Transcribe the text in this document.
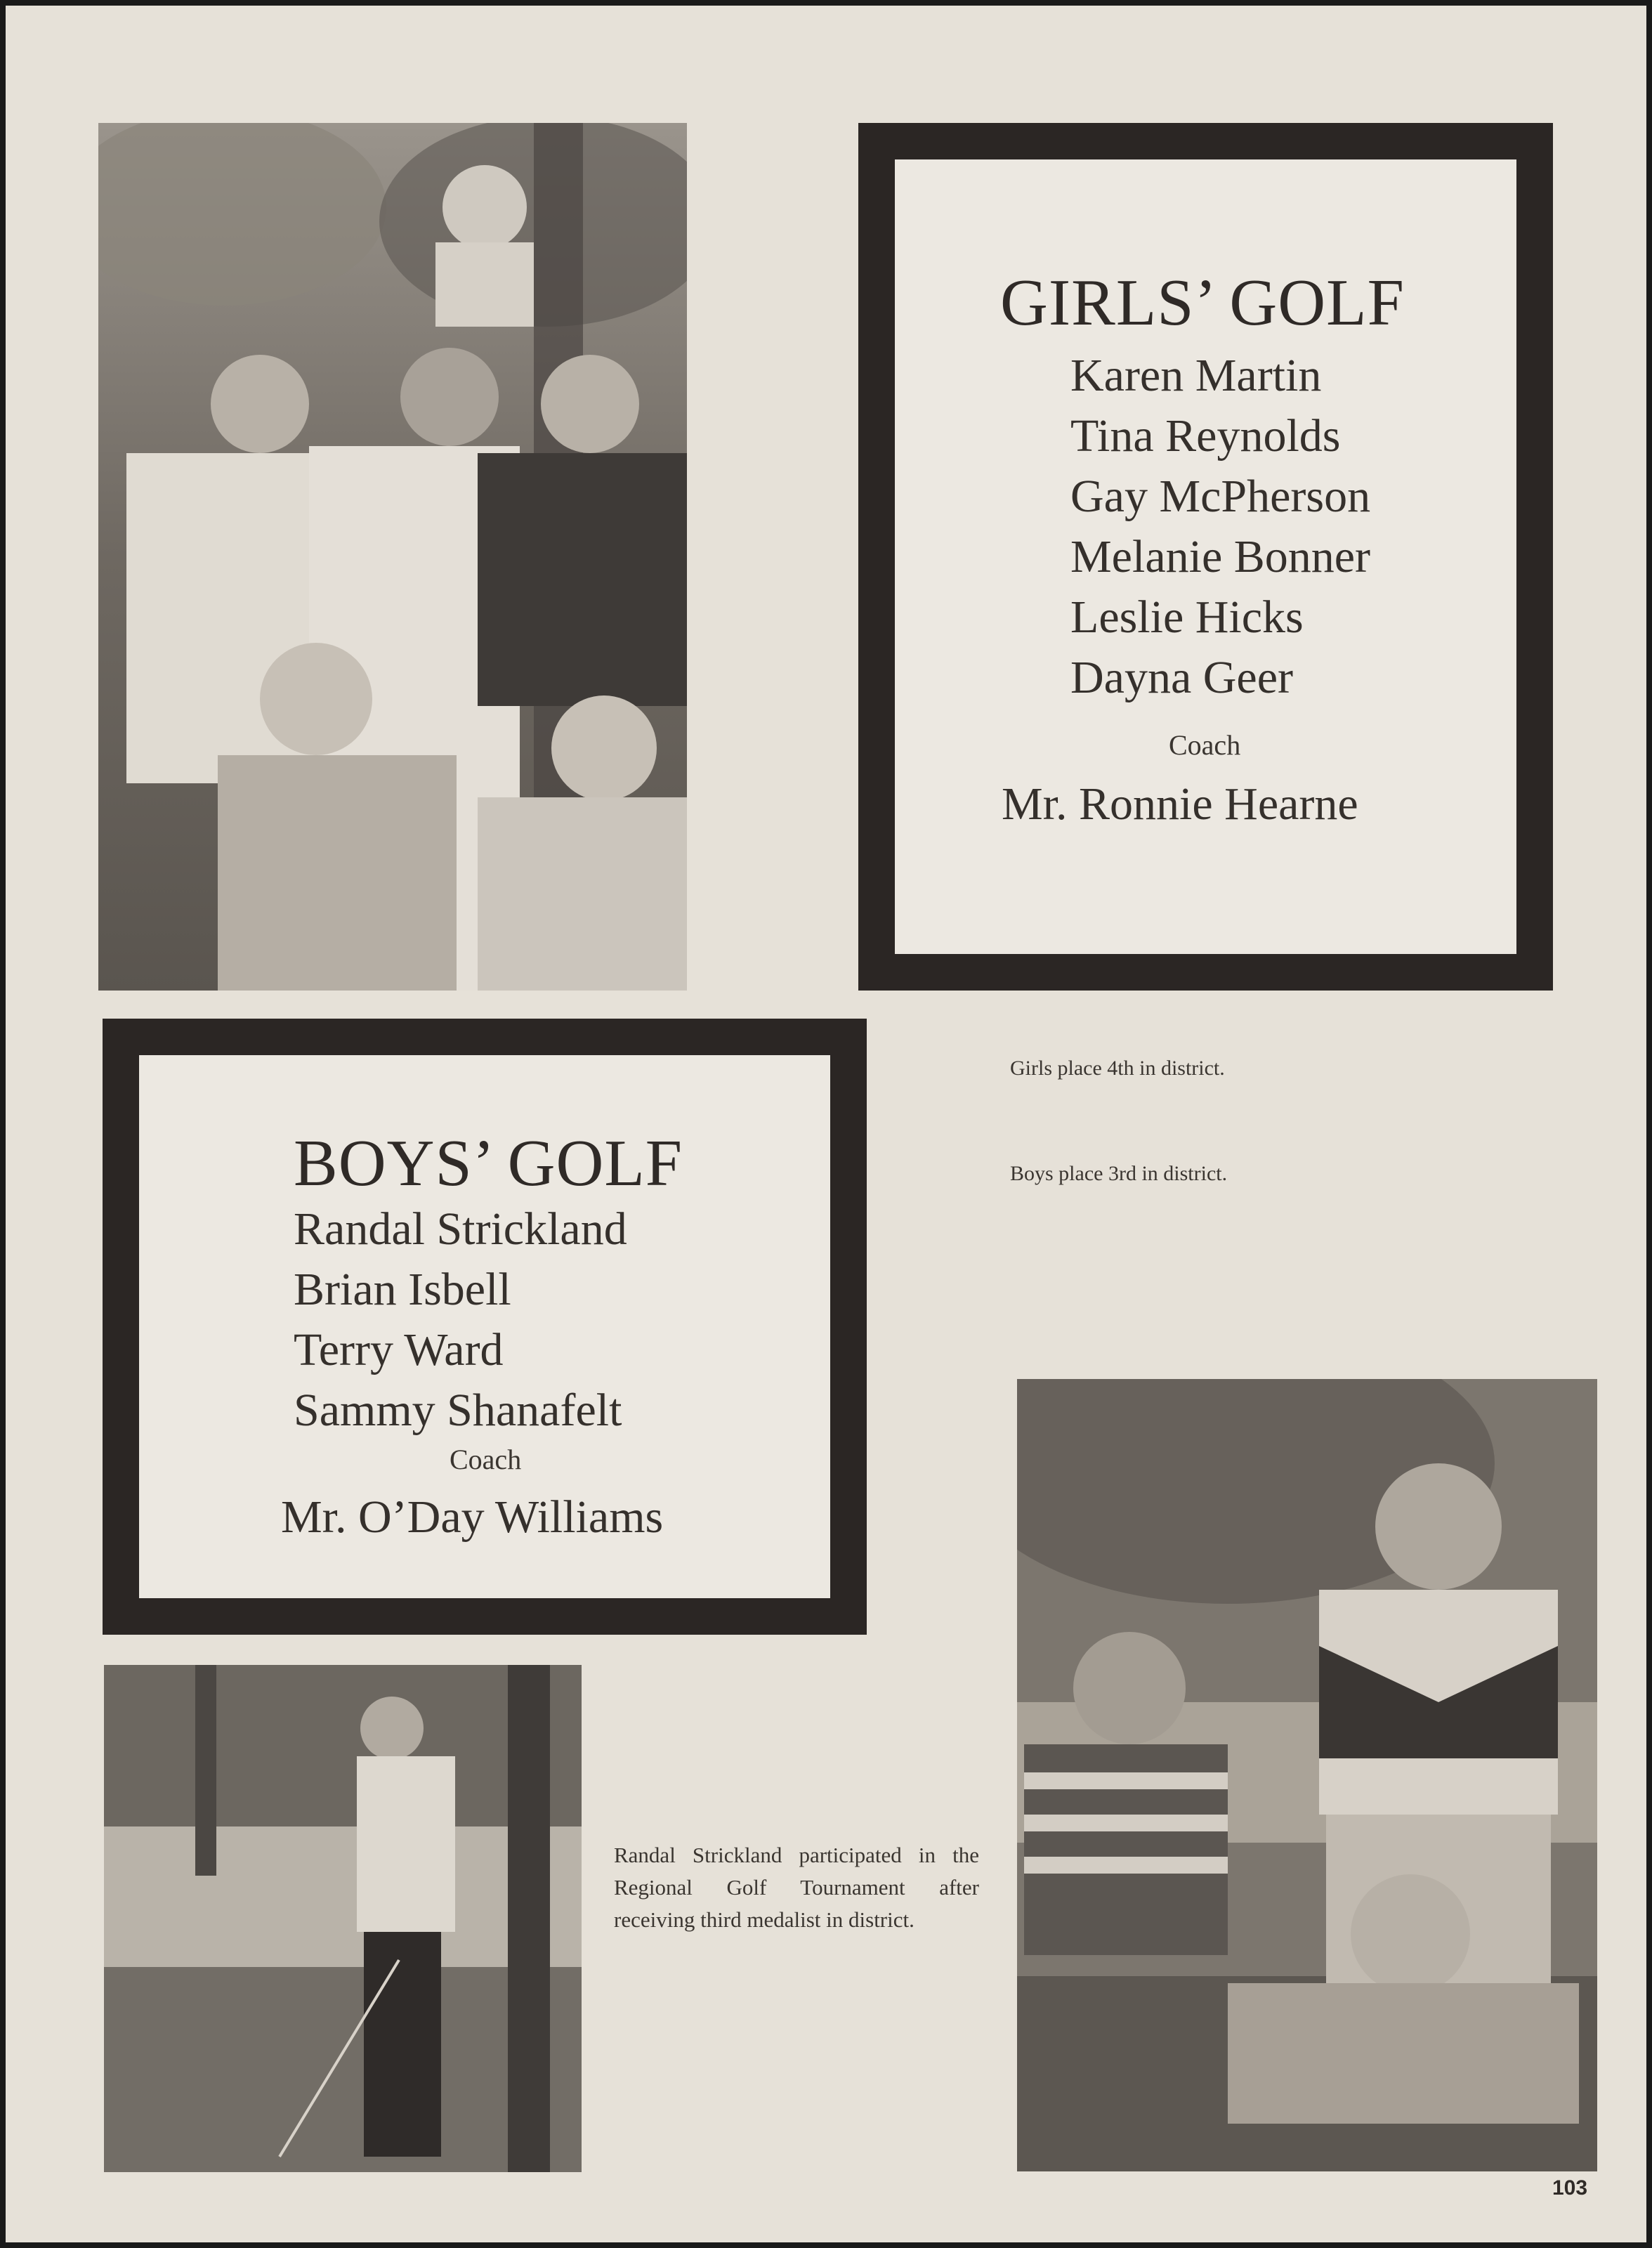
GIRLS’ GOLF
Karen Martin
Tina Reynolds
Gay McPherson
Melanie Bonner
Leslie Hicks
Dayna Geer
Coach
Mr. Ronnie Hearne
BOYS’ GOLF
Randal Strickland
Brian Isbell
Terry Ward
Sammy Shanafelt
Coach
Mr. O’Day Williams
Girls place 4th in district.
Boys place 3rd in district.
Randal Strickland participated in the Regional Golf Tournament after receiving third medalist in district.
103
